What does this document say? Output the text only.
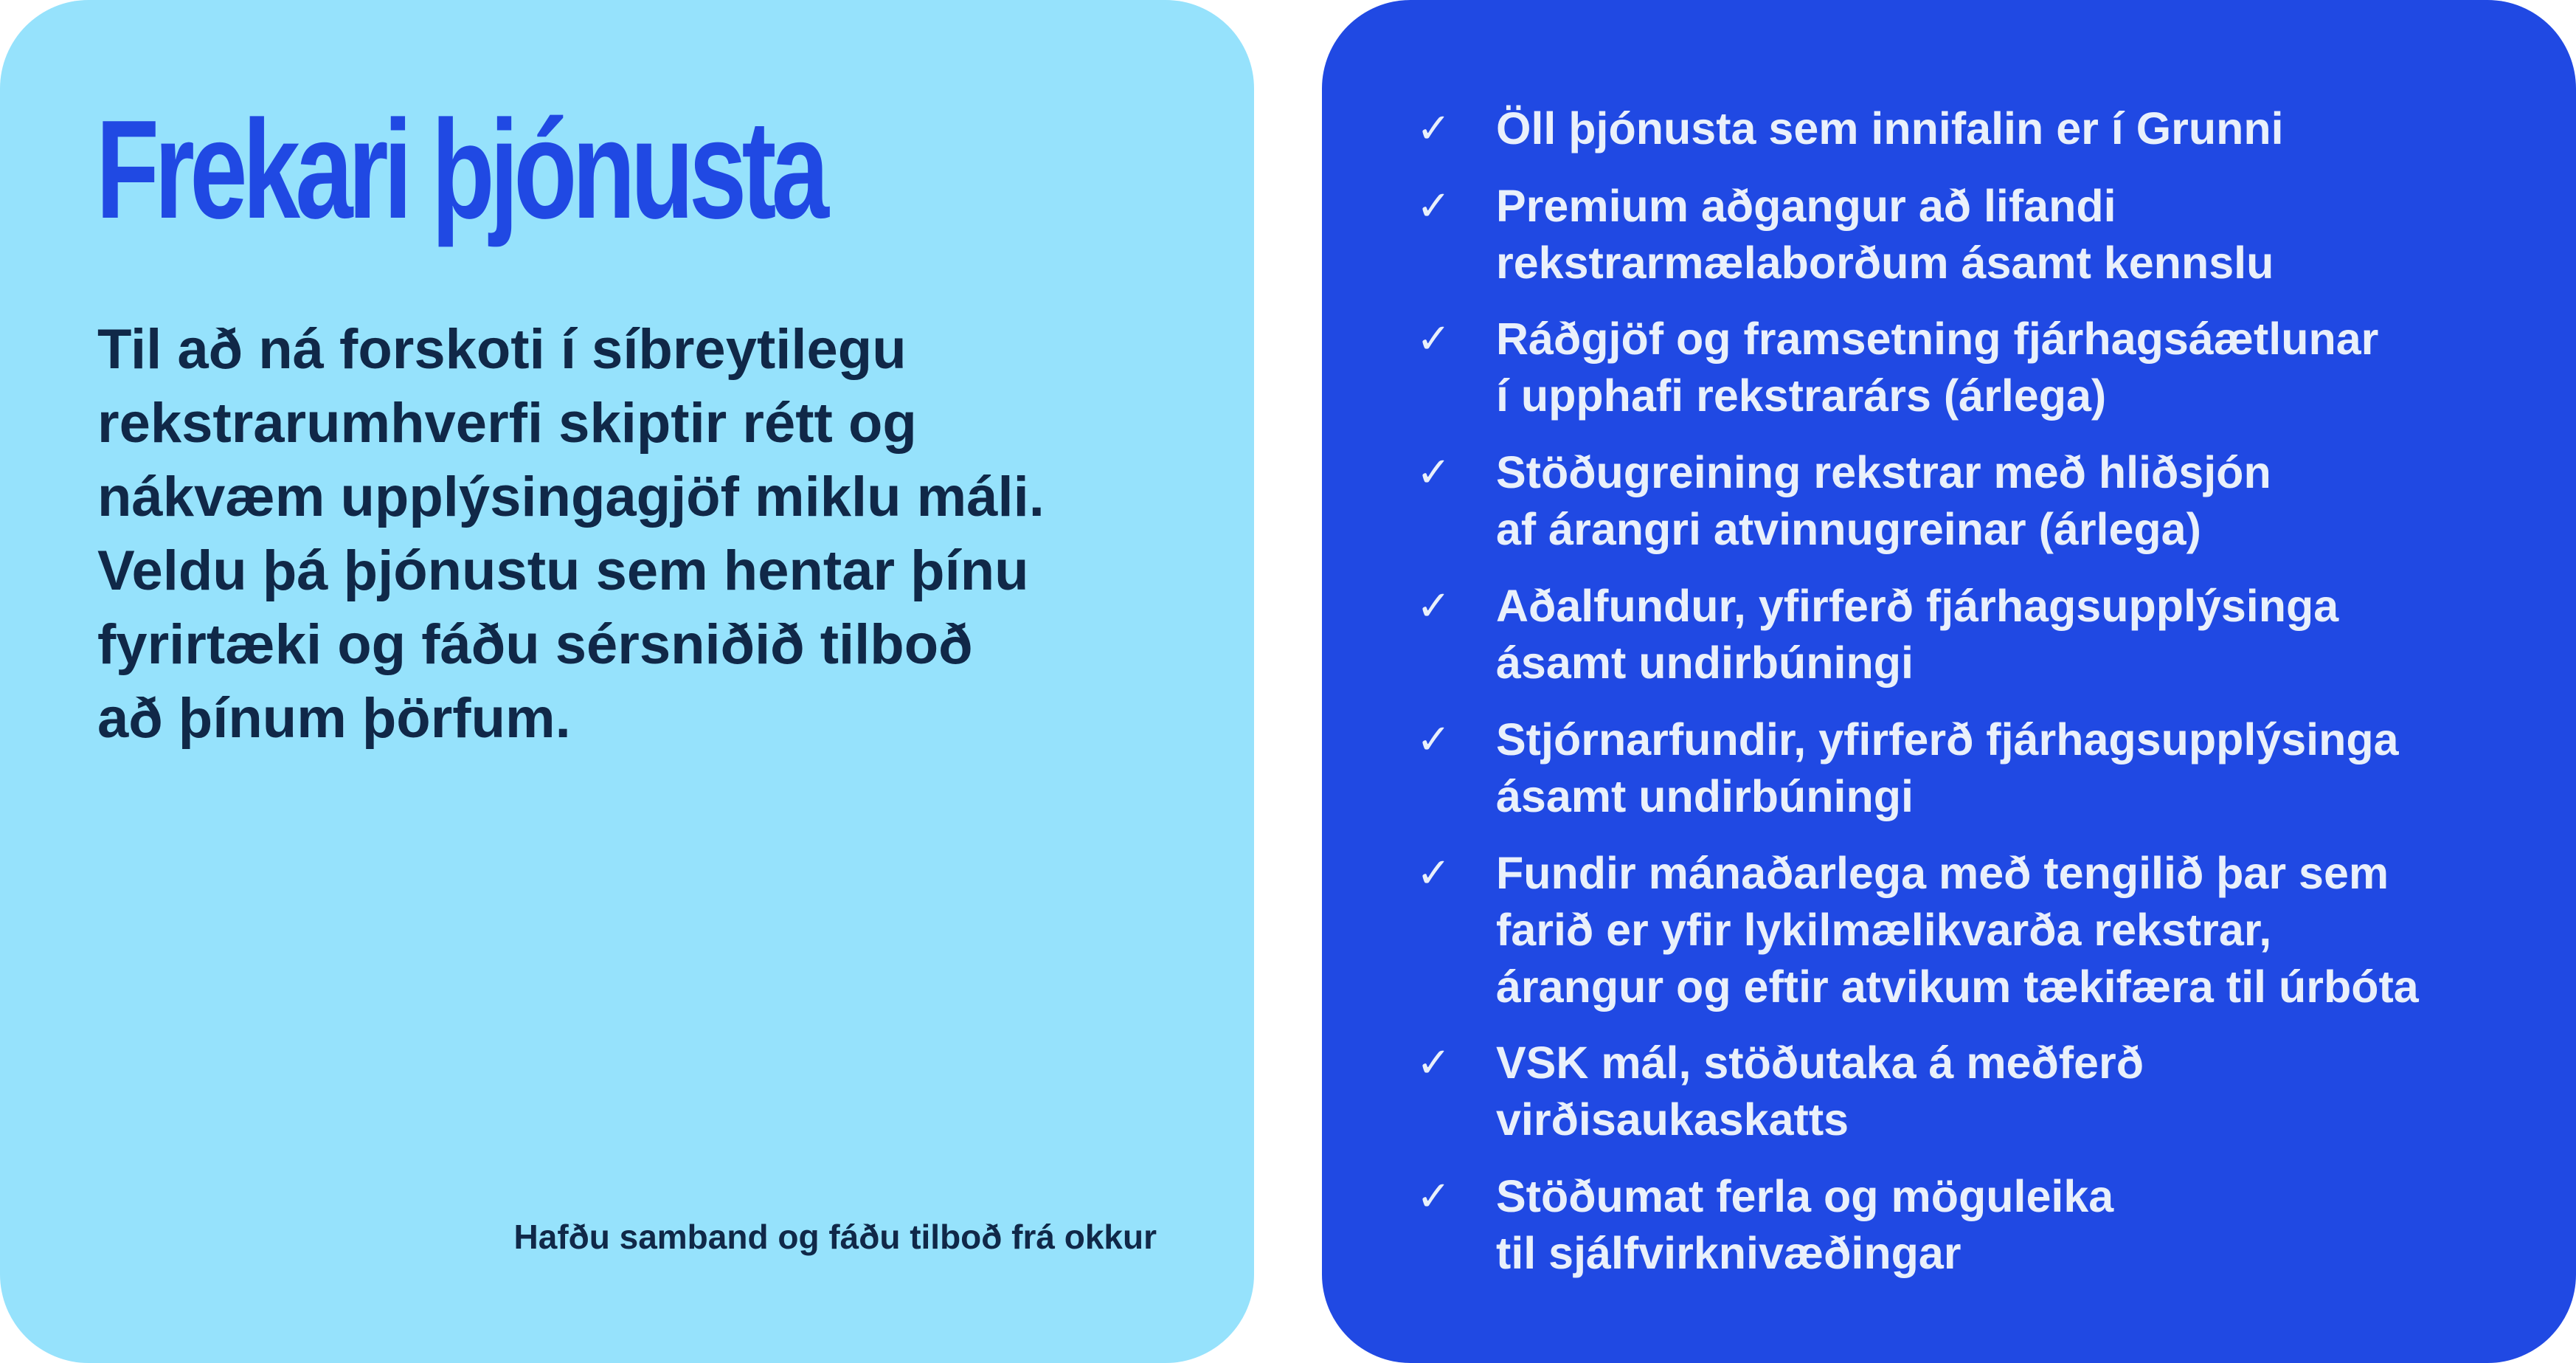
Frekari þjónusta

Til að ná forskoti í síbreytilegu
rekstrarumhverfi skiptir rétt og
nákvæm upplýsingagjöf miklu máli.
Veldu þá þjónustu sem hentar þínu
fyrirtæki og fáðu sérsniðið tilboð
að þínum þörfum.

Hafðu samband og fáðu tilboð frá okkur

✓ Öll þjónusta sem innifalin er í Grunni
✓ Premium aðgangur að lifandi
rekstrarmælaborðum ásamt kennslu
✓ Ráðgjöf og framsetning fjárhagsáætlunar
í upphafi rekstrarárs (árlega)
✓ Stöðugreining rekstrar með hliðsjón
af árangri atvinnugreinar (árlega)
✓ Aðalfundur, yfirferð fjárhagsupplýsinga
ásamt undirbúningi
✓ Stjórnarfundir, yfirferð fjárhagsupplýsinga
ásamt undirbúningi
✓ Fundir mánaðarlega með tengilið þar sem
farið er yfir lykilmælikvarða rekstrar,
árangur og eftir atvikum tækifæra til úrbóta
✓ VSK mál, stöðutaka á meðferð
virðisaukaskatts
✓ Stöðumat ferla og möguleika
til sjálfvirknivæðingar
